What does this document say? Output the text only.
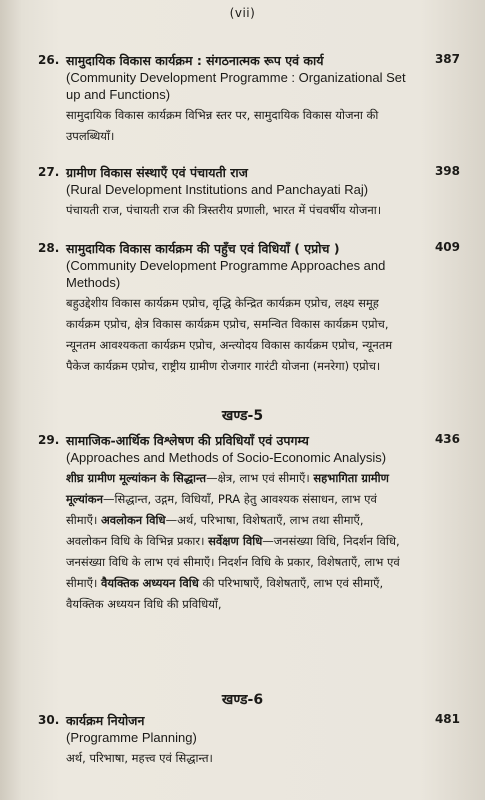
(vii)
26. सामुदायिक विकास कार्यक्रम : संगठनात्मक रूप एवं कार्य
(Community Development Programme : Organizational Set up and Functions)
सामुदायिक विकास कार्यक्रम विभिन्न स्तर पर, सामुदायिक विकास योजना की उपलब्धियाँ।
387
27. ग्रामीण विकास संस्थाएँ एवं पंचायती राज
(Rural Development Institutions and Panchayati Raj)
पंचायती राज, पंचायती राज की त्रिस्तरीय प्रणाली, भारत में पंचवर्षीय योजना।
398
28. सामुदायिक विकास कार्यक्रम की पहुँच एवं विधियाँ ( एप्रोच )
(Community Development Programme Approaches and Methods)
बहुउद्देशीय विकास कार्यक्रम एप्रोच, वृद्धि केन्द्रित कार्यक्रम एप्रोच, लक्ष्य समूह कार्यक्रम एप्रोच, क्षेत्र विकास कार्यक्रम एप्रोच, समन्वित विकास कार्यक्रम एप्रोच, न्यूनतम आवश्यकता कार्यक्रम एप्रोच, अन्त्योदय विकास कार्यक्रम एप्रोच, न्यूनतम पैकेज कार्यक्रम एप्रोच, राष्ट्रीय ग्रामीण रोजगार गारंटी योजना (मनरेगा) एप्रोच।
409
खण्ड-5
29. सामाजिक-आर्थिक विश्लेषण की प्रविधियाँ एवं उपगम्य
(Approaches and Methods of Socio-Economic Analysis)
शीघ्र ग्रामीण मूल्यांकन के सिद्धान्त—क्षेत्र, लाभ एवं सीमाएँ। सहभागिता ग्रामीण मूल्यांकन—सिद्धान्त, उद्गम, विधियाँ, PRA हेतु आवश्यक संसाधन, लाभ एवं सीमाएँ। अवलोकन विधि—अर्थ, परिभाषा, विशेषताएँ, लाभ तथा सीमाएँ, अवलोकन विधि के विभिन्न प्रकार। सर्वेक्षण विधि—जनसंख्या विधि, निदर्शन विधि, जनसंख्या विधि के लाभ एवं सीमाएँ। निदर्शन विधि के प्रकार, विशेषताएँ, लाभ एवं सीमाएँ। वैयक्तिक अध्ययन विधि की परिभाषाएँ, विशेषताएँ, लाभ एवं सीमाएँ, वैयक्तिक अध्ययन विधि की प्रविधियाँ,
436
खण्ड-6
30. कार्यक्रम नियोजन
(Programme Planning)
अर्थ, परिभाषा, महत्त्व एवं सिद्धान्त।
481
